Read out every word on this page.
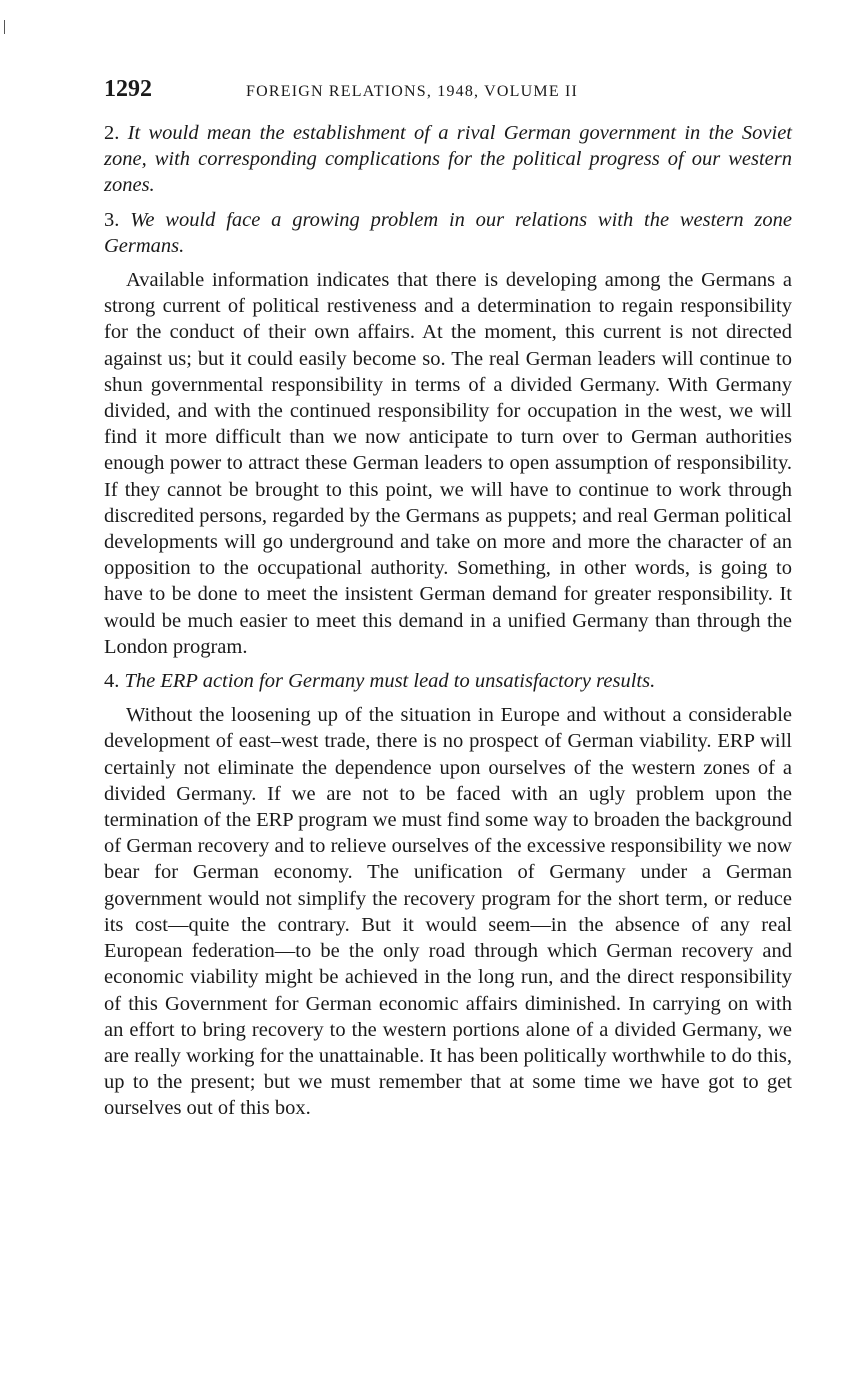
1292	FOREIGN RELATIONS, 1948, VOLUME II

2. It would mean the establishment of a rival German government in the Soviet zone, with corresponding complications for the political progress of our western zones.

3. We would face a growing problem in our relations with the western zone Germans.

Available information indicates that there is developing among the Germans a strong current of political restiveness and a determination to regain responsibility for the conduct of their own affairs. At the moment, this current is not directed against us; but it could easily become so. The real German leaders will continue to shun governmental responsibility in terms of a divided Germany. With Germany divided, and with the continued responsibility for occupation in the west, we will find it more difficult than we now anticipate to turn over to German authorities enough power to attract these German leaders to open assumption of responsibility. If they cannot be brought to this point, we will have to continue to work through discredited persons, regarded by the Germans as puppets; and real German political developments will go underground and take on more and more the character of an opposition to the occupational authority. Something, in other words, is going to have to be done to meet the insistent German demand for greater responsibility. It would be much easier to meet this demand in a unified Germany than through the London program.

4. The ERP action for Germany must lead to unsatisfactory results.

Without the loosening up of the situation in Europe and without a considerable development of east–west trade, there is no prospect of German viability. ERP will certainly not eliminate the dependence upon ourselves of the western zones of a divided Germany. If we are not to be faced with an ugly problem upon the termination of the ERP program we must find some way to broaden the background of German recovery and to relieve ourselves of the excessive responsibility we now bear for German economy. The unification of Germany under a German government would not simplify the recovery program for the short term, or reduce its cost—quite the contrary. But it would seem—in the absence of any real European federation—to be the only road through which German recovery and economic viability might be achieved in the long run, and the direct responsibility of this Government for German economic affairs diminished. In carrying on with an effort to bring recovery to the western portions alone of a divided Germany, we are really working for the unattainable. It has been politically worthwhile to do this, up to the present; but we must remember that at some time we have got to get ourselves out of this box.
